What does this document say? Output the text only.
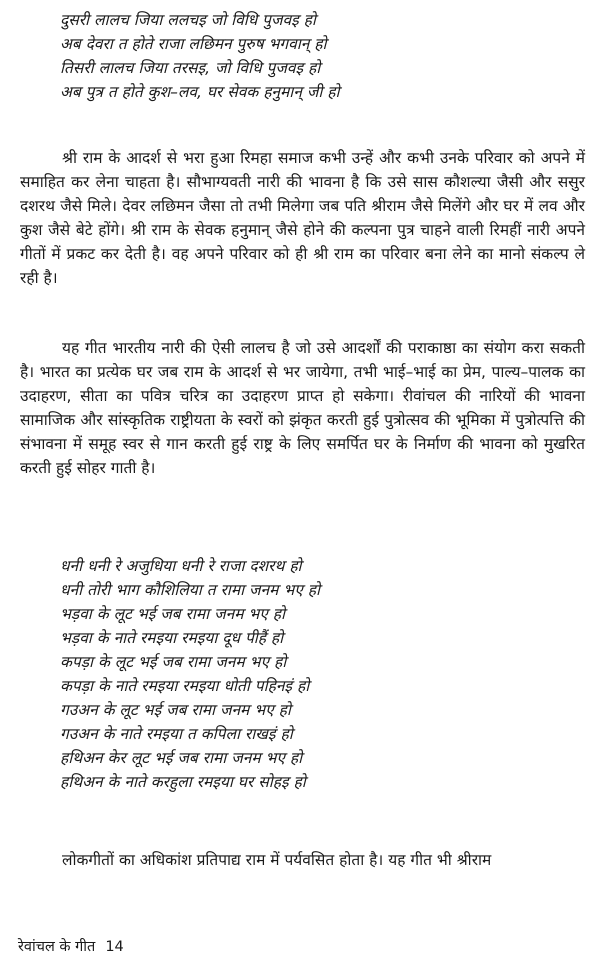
दुसरी लालच जिया ललचइ जो विधि पुजवइ हो
अब देवरा त होते राजा लछिमन पुरुष भगवान् हो
तिसरी लालच जिया तरसइ, जो विधि पुजवइ हो
अब पुत्र त होते कुश–लव, घर सेवक हनुमान् जी हो

श्री राम के आदर्श से भरा हुआ रिमहा समाज कभी उन्हें और कभी उनके परिवार को अपने में समाहित कर लेना चाहता है। सौभाग्यवती नारी की भावना है कि उसे सास कौशल्या जैसी और ससुर दशरथ जैसे मिले। देवर लछिमन जैसा तो तभी मिलेगा जब पति श्रीराम जैसे मिलेंगे और घर में लव और कुश जैसे बेटे होंगे। श्री राम के सेवक हनुमान् जैसे होने की कल्पना पुत्र चाहने वाली रिमहीं नारी अपने गीतों में प्रकट कर देती है। वह अपने परिवार को ही श्री राम का परिवार बना लेने का मानो संकल्प ले रही है।

यह गीत भारतीय नारी की ऐसी लालच है जो उसे आदर्शों की पराकाष्ठा का संयोग करा सकती है। भारत का प्रत्येक घर जब राम के आदर्श से भर जायेगा, तभी भाई–भाई का प्रेम, पाल्य–पालक का उदाहरण, सीता का पवित्र चरित्र का उदाहरण प्राप्त हो सकेगा। रीवांचल की नारियों की भावना सामाजिक और सांस्कृतिक राष्ट्रीयता के स्वरों को झंकृत करती हुई पुत्रोत्सव की भूमिका में पुत्रोत्पत्ति की संभावना में समूह स्वर से गान करती हुई राष्ट्र के लिए समर्पित घर के निर्माण की भावना को मुखरित करती हुई सोहर गाती है।

धनी धनी रे अजुधिया धनी रे राजा दशरथ हो
धनी तोरी भाग कौशिलिया त रामा जनम भए हो
भड़वा के लूट भई जब रामा जनम भए हो
भड़वा के नाते रमइया रमइया दूध पीहैं हो
कपड़ा के लूट भई जब रामा जनम भए हो
कपड़ा के नाते रमइया रमइया धोती पहिनइं हो
गउअन के लूट भई जब रामा जनम भए हो
गउअन के नाते रमइया त कपिला राखइं हो
हथिअन केर लूट भई जब रामा जनम भए हो
हथिअन के नाते करहुला रमइया घर सोहइ हो

लोकगीतों का अधिकांश प्रतिपाद्य राम में पर्यवसित होता है। यह गीत भी श्रीराम

रेवांचल के गीत 14
